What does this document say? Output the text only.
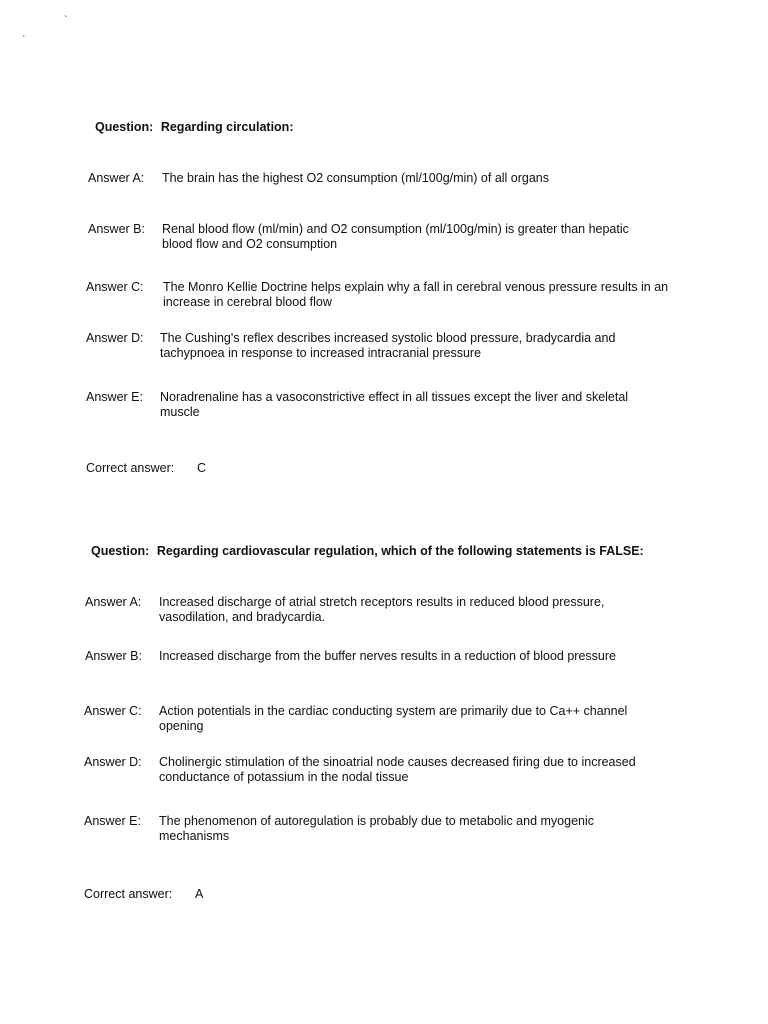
`
`
Question: Regarding circulation:
Answer A: The brain has the highest O2 consumption (ml/100g/min) of all organs
Answer B: Renal blood flow (ml/min) and O2 consumption (ml/100g/min) is greater than hepatic blood flow and O2 consumption
Answer C: The Monro Kellie Doctrine helps explain why a fall in cerebral venous pressure results in an increase in cerebral blood flow
Answer D: The Cushing's reflex describes increased systolic blood pressure, bradycardia and tachypnoea in response to increased intracranial pressure
Answer E: Noradrenaline has a vasoconstrictive effect in all tissues except the liver and skeletal muscle
Correct answer: C
Question: Regarding cardiovascular regulation, which of the following statements is FALSE:
Answer A: Increased discharge of atrial stretch receptors results in reduced blood pressure, vasodilation, and bradycardia.
Answer B: Increased discharge from the buffer nerves results in a reduction of blood pressure
Answer C: Action potentials in the cardiac conducting system are primarily due to Ca++ channel opening
Answer D: Cholinergic stimulation of the sinoatrial node causes decreased firing due to increased conductance of potassium in the nodal tissue
Answer E: The phenomenon of autoregulation is probably due to metabolic and myogenic mechanisms
Correct answer: A
